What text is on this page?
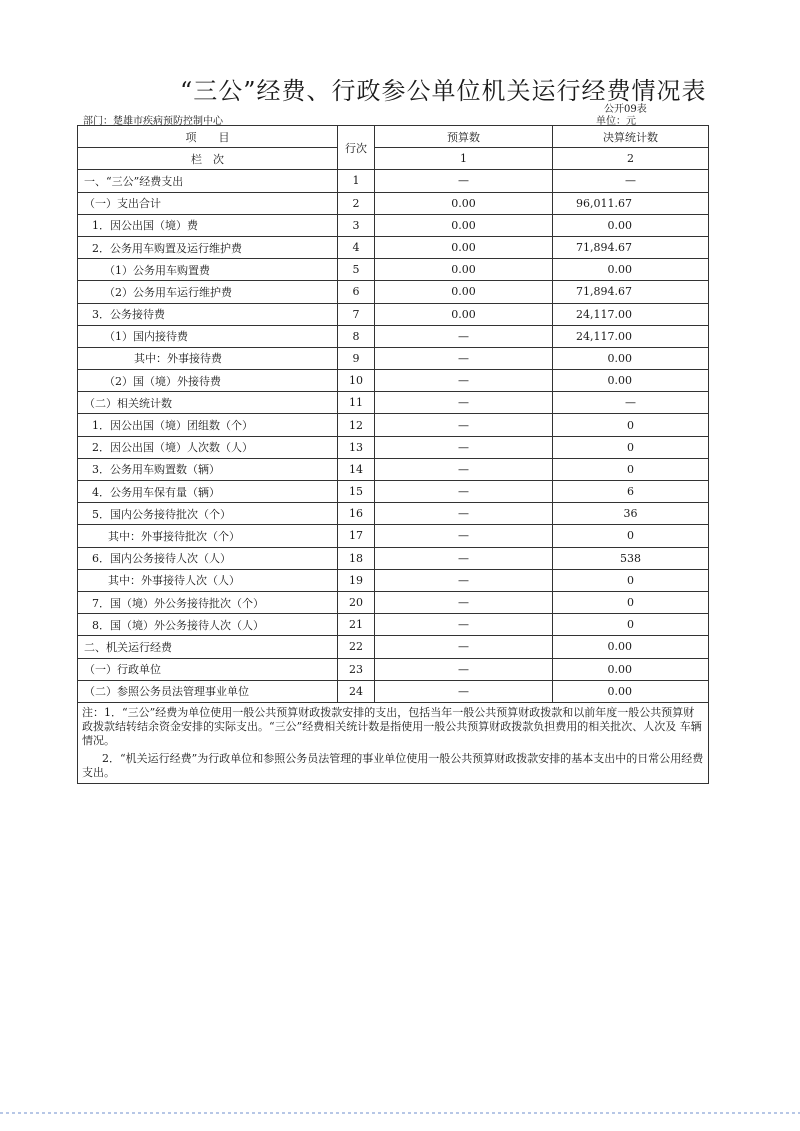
“三公”经费、行政参公单位机关运行经费情况表
公开09表
部门：楚雄市疾病预防控制中心	单位：元
项　　目	行次	预算数	决算统计数
栏　次		1	2
一、“三公”经费支出	1	—	—
（一）支出合计	2	0.00	96,011.67
1．因公出国（境）费	3	0.00	0.00
2．公务用车购置及运行维护费	4	0.00	71,894.67
（1）公务用车购置费	5	0.00	0.00
（2）公务用车运行维护费	6	0.00	71,894.67
3．公务接待费	7	0.00	24,117.00
（1）国内接待费	8	—	24,117.00
其中：外事接待费	9	—	0.00
（2）国（境）外接待费	10	—	0.00
（二）相关统计数	11	—	—
1．因公出国（境）团组数（个）	12	—	0
2．因公出国（境）人次数（人）	13	—	0
3．公务用车购置数（辆）	14	—	0
4．公务用车保有量（辆）	15	—	6
5．国内公务接待批次（个）	16	—	36
其中：外事接待批次（个）	17	—	0
6．国内公务接待人次（人）	18	—	538
其中：外事接待人次（人）	19	—	0
7．国（境）外公务接待批次（个）	20	—	0
8．国（境）外公务接待人次（人）	21	—	0
二、机关运行经费	22	—	0.00
（一）行政单位	23	—	0.00
（二）参照公务员法管理事业单位	24	—	0.00

注：1．“三公”经费为单位使用一般公共预算财政拨款安排的支出，包括当年一般公共预算财政拨款和以前年度一般公共预算财政拨款结转结余资金安排的实际支出。“三公”经费相关统计数是指使用一般公共预算财政拨款负担费用的相关批次、人次及 车辆情况。

2．“机关运行经费”为行政单位和参照公务员法管理的事业单位使用一般公共预算财政拨款安排的基本支出中的日常公用经费支出。			
